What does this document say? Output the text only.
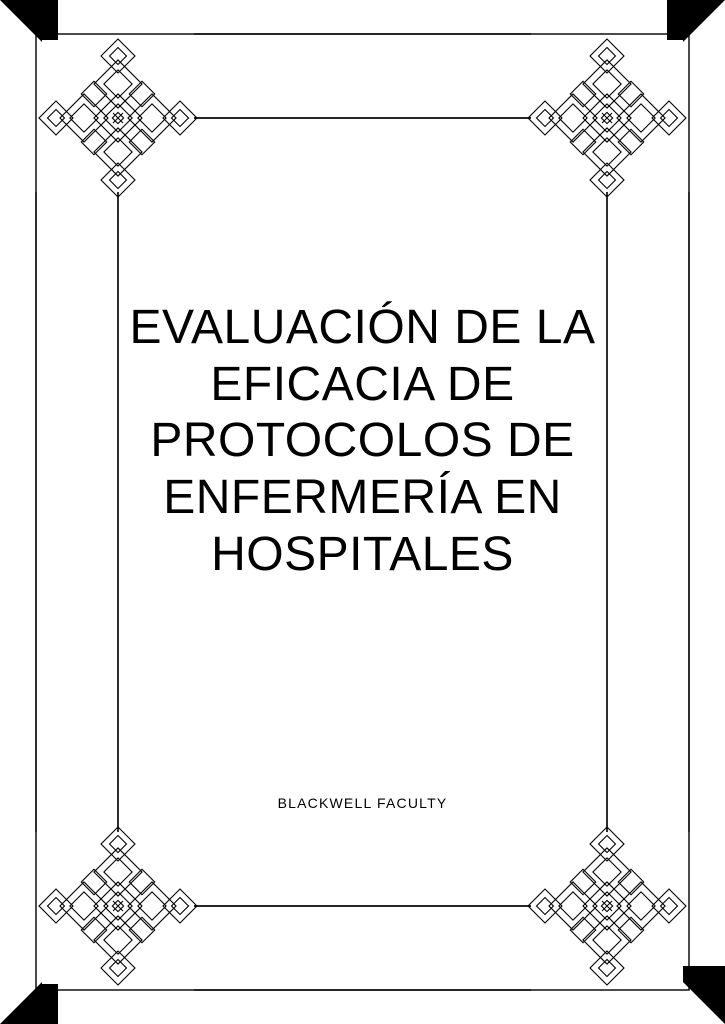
EVALUACIÓN DE LA EFICACIA DE PROTOCOLOS DE ENFERMERÍA EN HOSPITALES
BLACKWELL FACULTY
